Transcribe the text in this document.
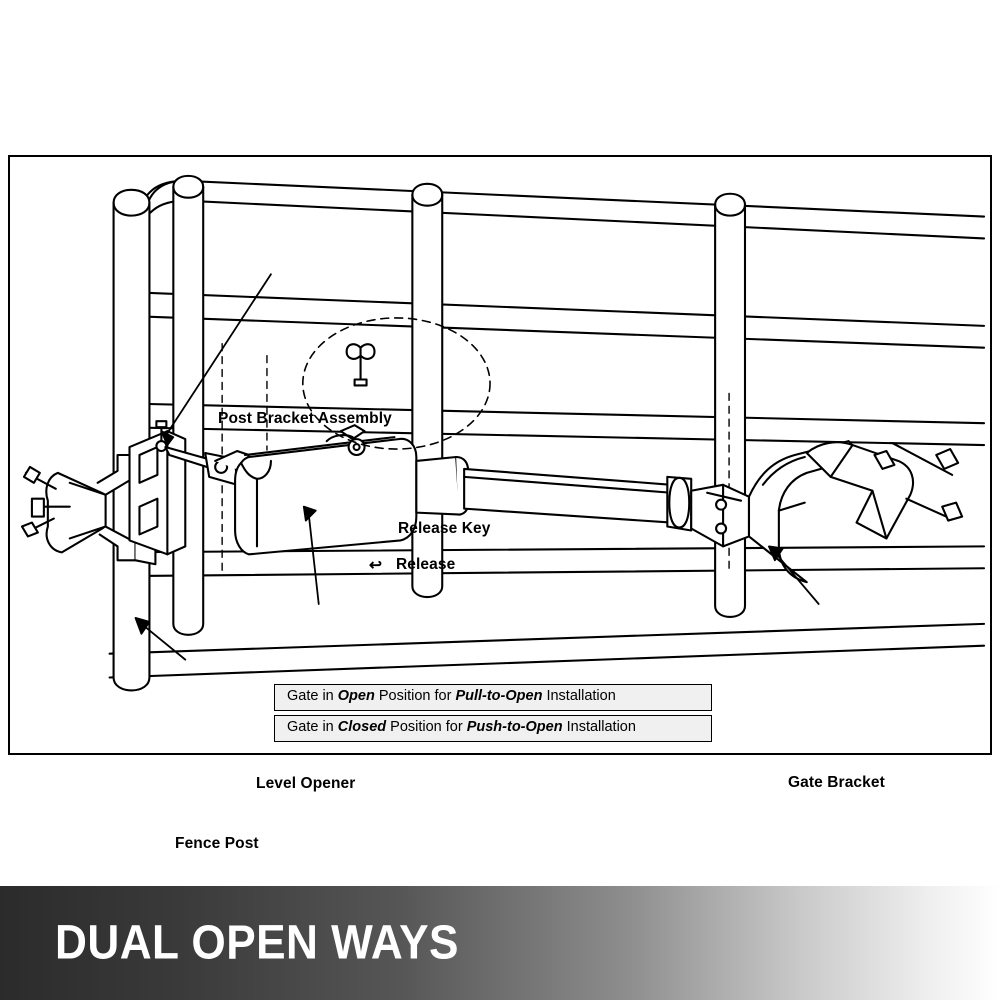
Post Bracket Assembly
Release Key
↩ Release
Level Opener	Gate Bracket
Fence Post
Gate in Open Position for Pull-to-Open Installation
Gate in Closed Position for Push-to-Open Installation
DUAL OPEN WAYS
